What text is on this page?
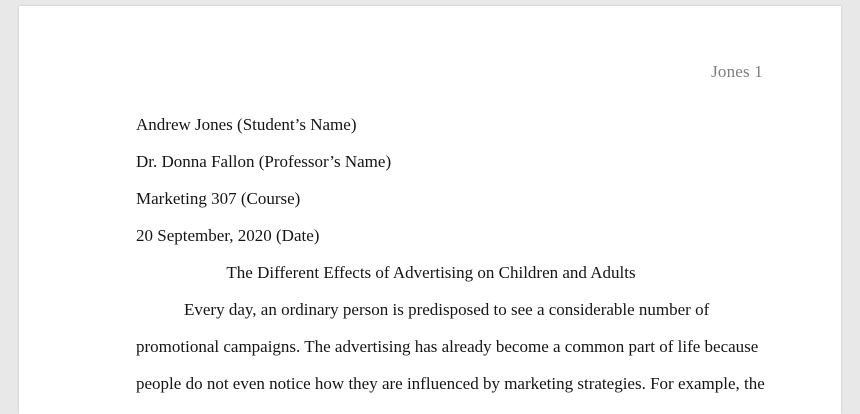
Jones 1
Andrew Jones (Student’s Name)
Dr. Donna Fallon (Professor’s Name)
Marketing 307 (Course)
20 September, 2020 (Date)
The Different Effects of Advertising on Children and Adults
Every day, an ordinary person is predisposed to see a considerable number of
promotional campaigns. The advertising has already become a common part of life because
people do not even notice how they are influenced by marketing strategies. For example, the
